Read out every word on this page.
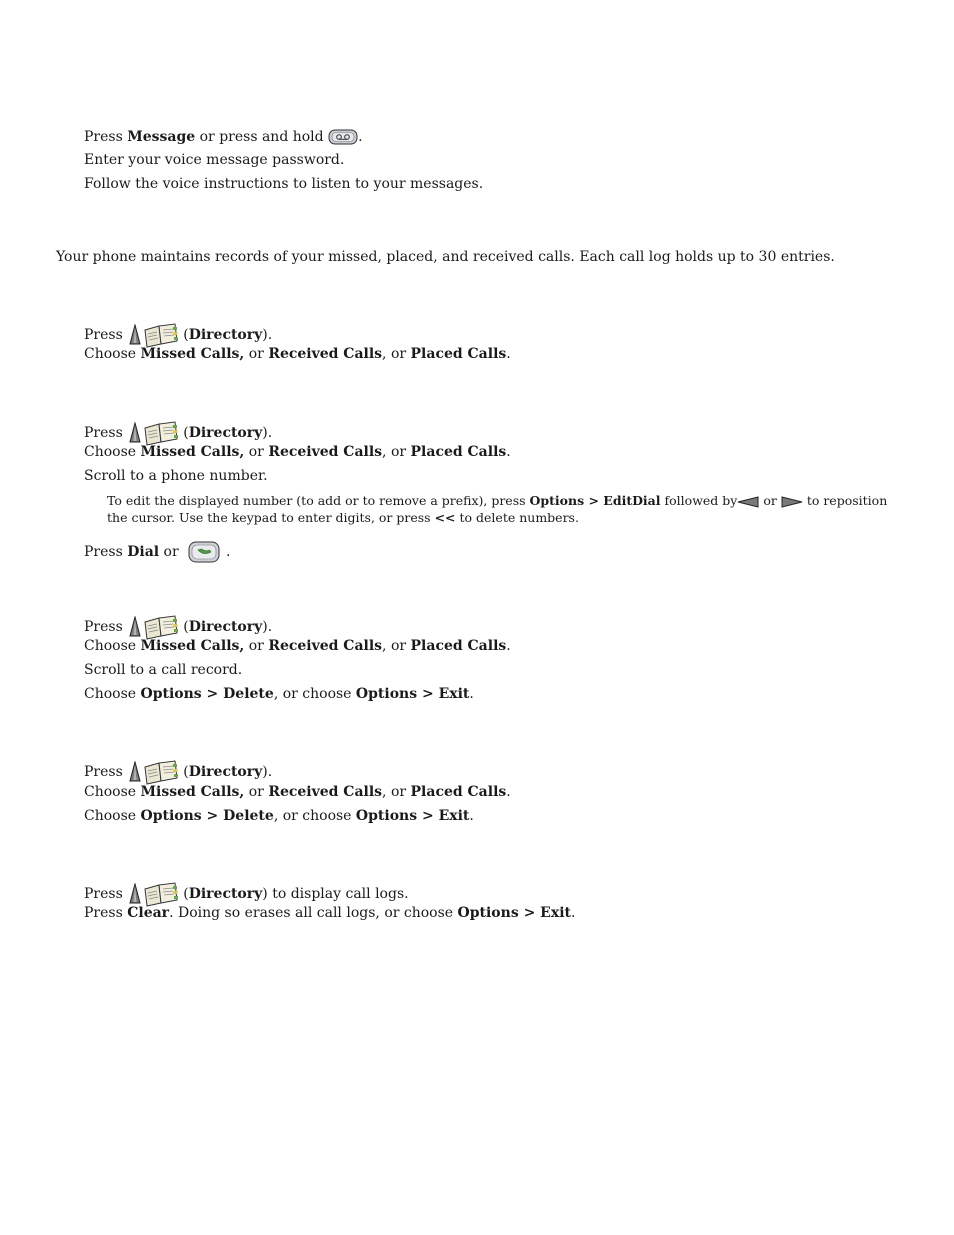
Press Message or press and hold .
Enter your voice message password.
Follow the voice instructions to listen to your messages.
Your phone maintains records of your missed, placed, and received calls. Each call log holds up to 30 entries.
Press	(Directory).
Choose Missed Calls, or Received Calls, or Placed Calls.
Press	(Directory).
Choose Missed Calls, or Received Calls, or Placed Calls.
Scroll to a phone number.
To edit the displayed number (to add or to remove a prefix), press Options > EditDial followed by or to reposition the cursor. Use the keypad to enter digits, or press << to delete numbers.
Press Dial or	.
Press	(Directory).
Choose Missed Calls, or Received Calls, or Placed Calls.
Scroll to a call record.
Choose Options > Delete, or choose Options > Exit.
Press	(Directory).
Choose Missed Calls, or Received Calls, or Placed Calls.
Choose Options > Delete, or choose Options > Exit.
Press	(Directory) to display call logs.
Press Clear. Doing so erases all call logs, or choose Options > Exit.
